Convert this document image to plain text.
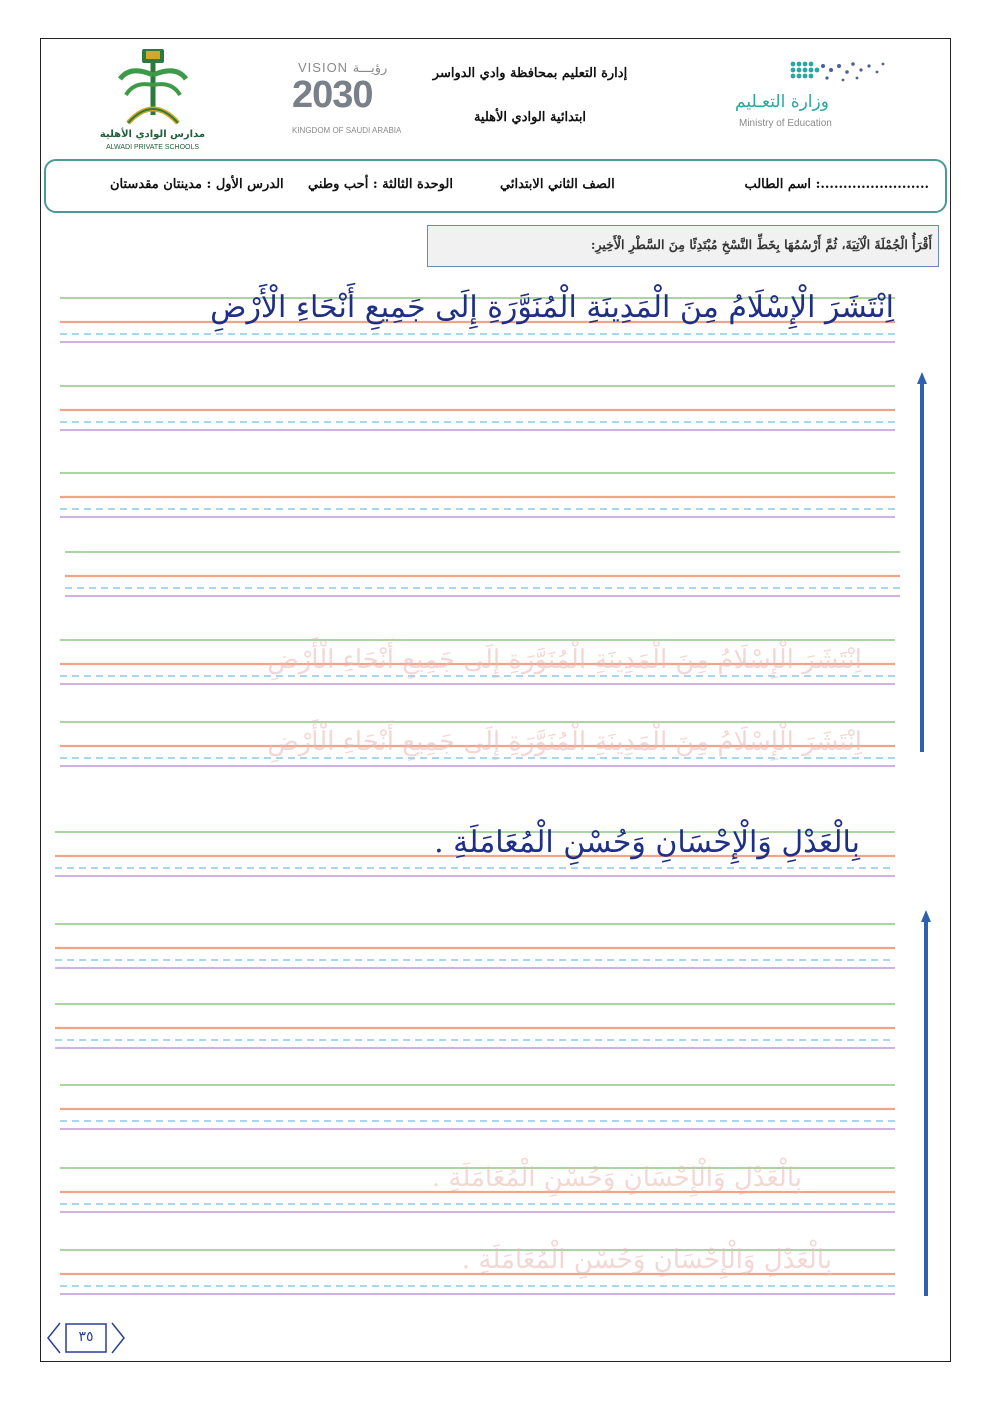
وزارة التعـليم
Ministry of Education
إدارة التعليم بمحافظة وادي الدواسر
ابتدائية الوادي الأهلية
VISION رؤيـــة
2030
KINGDOM OF SAUDI ARABIA
مدارس الوادي الأهلية
ALWADI PRIVATE SCHOOLS
اسم الطالب :........................
الصف الثاني الابتدائي
الوحدة الثالثة : أحب وطني
الدرس الأول : مدينتان مقدستان
أَقْرَأُ الْجُمْلَةَ الْآتِيَةَ، ثُمَّ أَرْسُمُهَا بِخَطِّ النَّسْخِ مُبْتَدِئًا مِنَ السَّطْرِ الْأَخِيرِ:
اِنْتَشَرَ الْإِسْلَامُ مِنَ الْمَدِينَةِ الْمُنَوَّرَةِ إِلَى جَمِيعِ أَنْحَاءِ الْأَرْضِ
اِنْتَشَرَ الْإِسْلَامُ مِنَ الْمَدِينَةِ الْمُنَوَّرَةِ إِلَى جَمِيعِ أَنْحَاءِ الْأَرْضِ
اِنْتَشَرَ الْإِسْلَامُ مِنَ الْمَدِينَةِ الْمُنَوَّرَةِ إِلَى جَمِيعِ أَنْحَاءِ الْأَرْضِ
بِالْعَدْلِ وَالْإِحْسَانِ وَحُسْنِ الْمُعَامَلَةِ .
بِالْعَدْلِ وَالْإِحْسَانِ وَحُسْنِ الْمُعَامَلَةِ .
بِالْعَدْلِ وَالْإِحْسَانِ وَحُسْنِ الْمُعَامَلَةِ .
٣٥
